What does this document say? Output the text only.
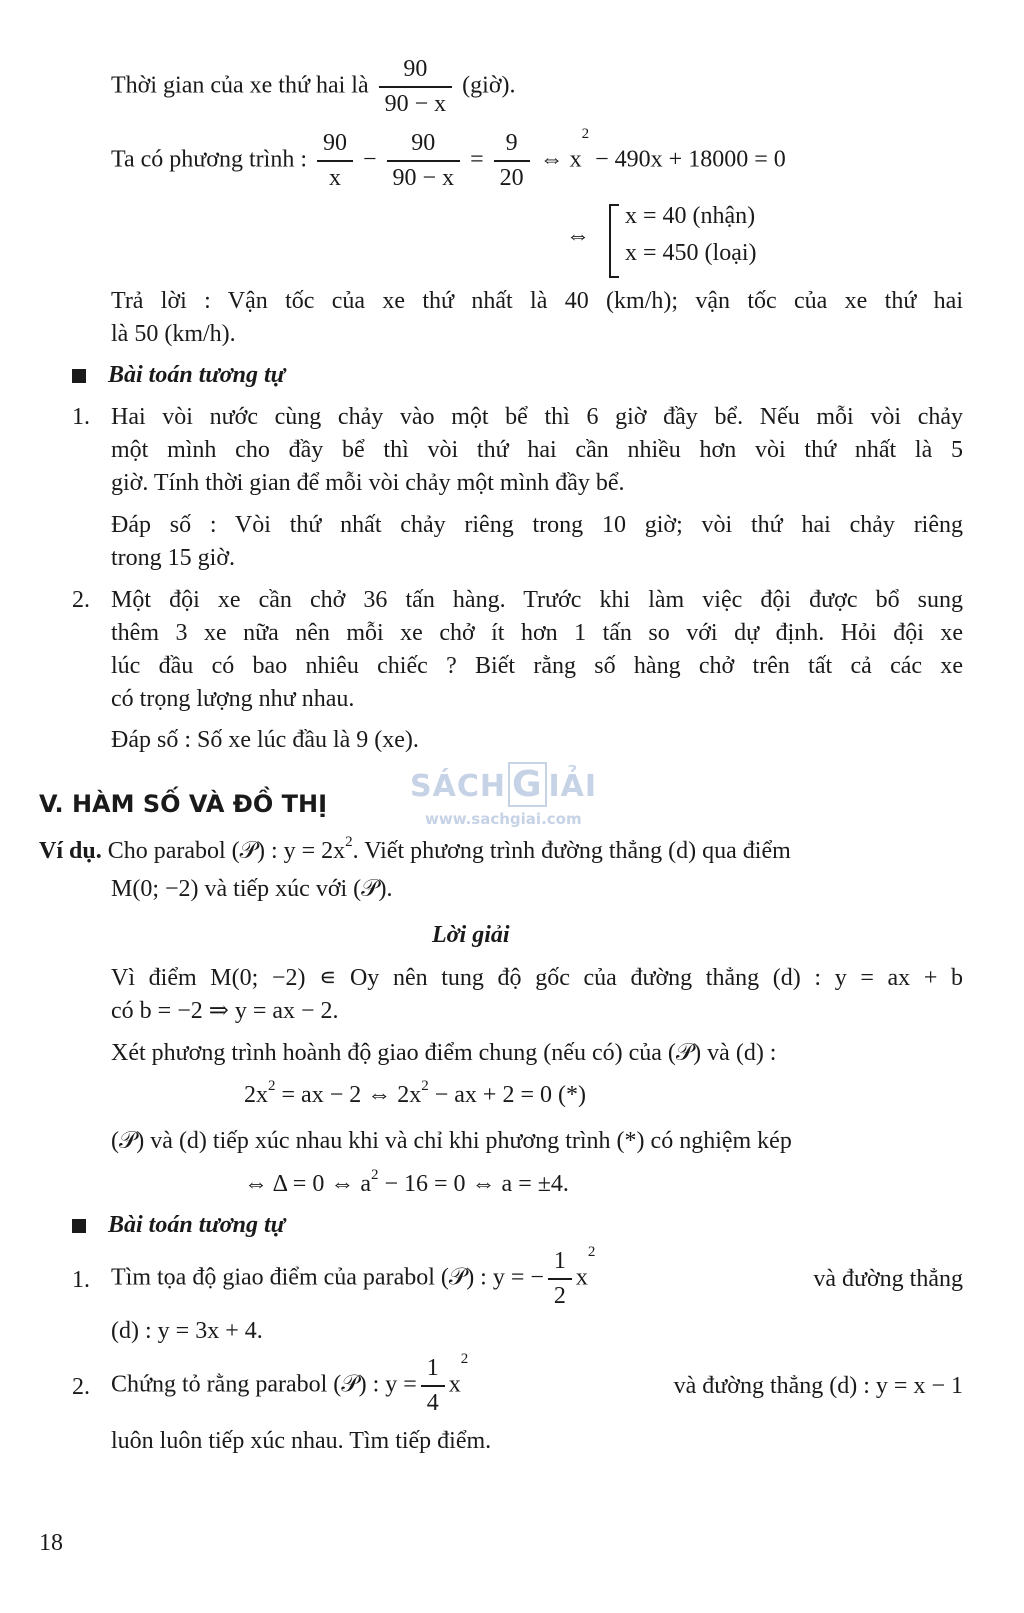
Thời gian của xe thứ hai là $\frac{90}{90 - x}$ (giờ).
Ta có phương trình : $\frac{90}{x} - \frac{90}{90 - x} = \frac{9}{20}$ ⇔ $x^2 - 490x + 18000 = 0$
⇔
x = 40 (nhận)
x = 450 (loại)
Trả lời : Vận tốc của xe thứ nhất là 40 (km/h); vận tốc của xe thứ hai
là 50 (km/h).
Bài toán tương tự
1. Hai vòi nước cùng chảy vào một bể thì 6 giờ đầy bể. Nếu mỗi vòi chảy
một mình cho đầy bể thì vòi thứ hai cần nhiều hơn vòi thứ nhất là 5
giờ. Tính thời gian để mỗi vòi chảy một mình đầy bể.
Đáp số : Vòi thứ nhất chảy riêng trong 10 giờ; vòi thứ hai chảy riêng
trong 15 giờ.
2. Một đội xe cần chở 36 tấn hàng. Trước khi làm việc đội được bổ sung
thêm 3 xe nữa nên mỗi xe chở ít hơn 1 tấn so với dự định. Hỏi đội xe
lúc đầu có bao nhiêu chiếc ? Biết rằng số hàng chở trên tất cả các xe
có trọng lượng như nhau.
Đáp số : Số xe lúc đầu là 9 (xe).
SÁCH G IẢI
www.sachgiai.com
V. HÀM SỐ VÀ ĐỒ THỊ
Ví dụ. Cho parabol (𝒫) : $y = 2x^2$. Viết phương trình đường thẳng (d) qua điểm
M(0; −2) và tiếp xúc với (𝒫).
Lời giải
Vì điểm M(0; −2) ∊ Oy nên tung độ gốc của đường thẳng (d) : y = ax + b
có b = −2 ⇒ y = ax − 2.
Xét phương trình hoành độ giao điểm chung (nếu có) của (𝒫) và (d) :
$2x^2$ = ax − 2 ⇔ $2x^2$ − ax + 2 = 0 (*)
(𝒫) và (d) tiếp xúc nhau khi và chỉ khi phương trình (*) có nghiệm kép
⇔ Δ = 0 ⇔ $a^2 - 16 = 0$ ⇔ a = ±4.
Bài toán tương tự
1. Tìm tọa độ giao điểm của parabol (𝒫) : y = − $\frac{1}{2} x^2$
và đường thẳng
(d) : y = 3x + 4.
2. Chứng tỏ rằng parabol (𝒫) : $y = \frac{1}{4} x^2$
và đường thẳng (d) : y = x − 1
luôn luôn tiếp xúc nhau. Tìm tiếp điểm.
18
